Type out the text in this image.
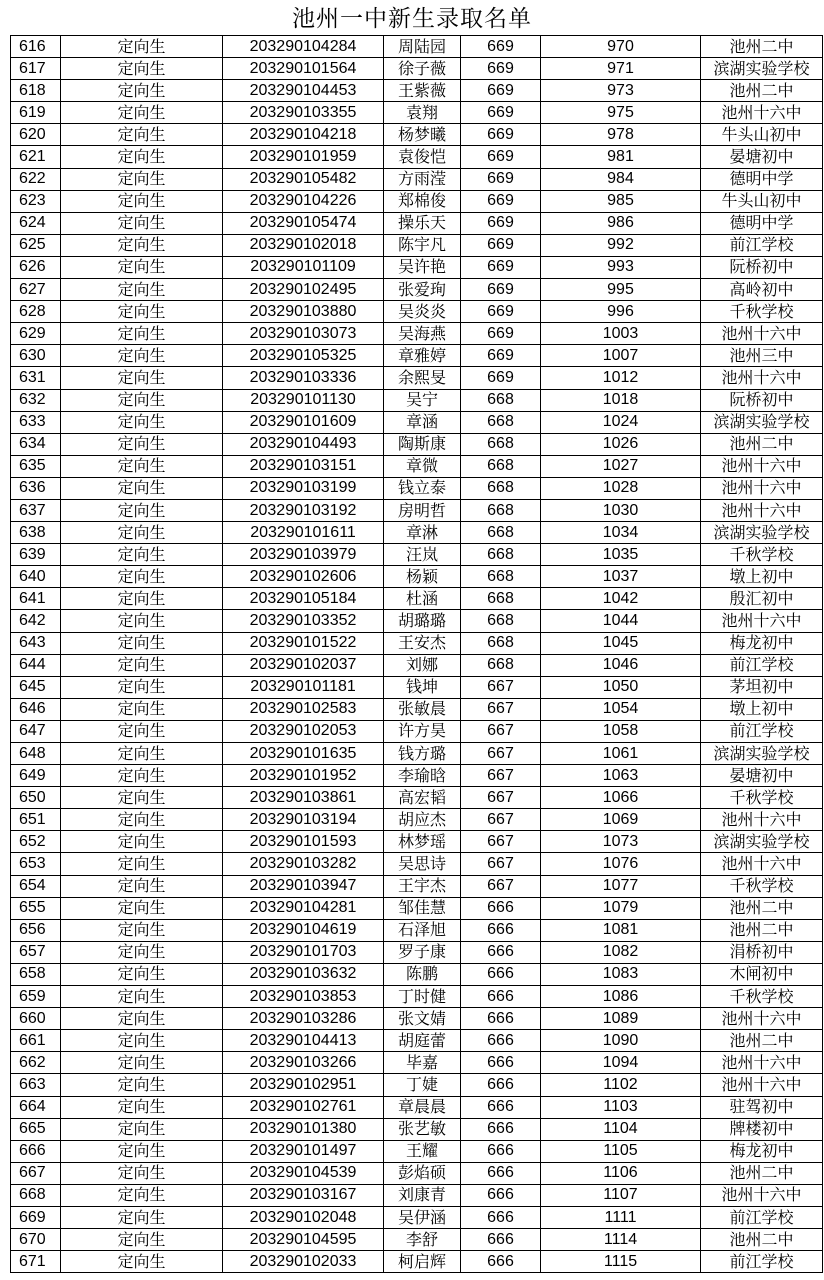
池州一中新生录取名单
616	定向生	203290104284	周陆园	669	970	池州二中
617	定向生	203290101564	徐子薇	669	971	滨湖实验学校
618	定向生	203290104453	王紫薇	669	973	池州二中
619	定向生	203290103355	袁翔	669	975	池州十六中
620	定向生	203290104218	杨梦曦	669	978	牛头山初中
621	定向生	203290101959	袁俊恺	669	981	晏塘初中
622	定向生	203290105482	方雨滢	669	984	德明中学
623	定向生	203290104226	郑棉俊	669	985	牛头山初中
624	定向生	203290105474	操乐天	669	986	德明中学
625	定向生	203290102018	陈宇凡	669	992	前江学校
626	定向生	203290101109	吴许艳	669	993	阮桥初中
627	定向生	203290102495	张爱珣	669	995	高岭初中
628	定向生	203290103880	吴炎炎	669	996	千秋学校
629	定向生	203290103073	吴海燕	669	1003	池州十六中
630	定向生	203290105325	章雅婷	669	1007	池州三中
631	定向生	203290103336	余熙旻	669	1012	池州十六中
632	定向生	203290101130	吴宁	668	1018	阮桥初中
633	定向生	203290101609	章涵	668	1024	滨湖实验学校
634	定向生	203290104493	陶斯康	668	1026	池州二中
635	定向生	203290103151	章微	668	1027	池州十六中
636	定向生	203290103199	钱立泰	668	1028	池州十六中
637	定向生	203290103192	房明哲	668	1030	池州十六中
638	定向生	203290101611	章淋	668	1034	滨湖实验学校
639	定向生	203290103979	汪岚	668	1035	千秋学校
640	定向生	203290102606	杨颖	668	1037	墩上初中
641	定向生	203290105184	杜涵	668	1042	殷汇初中
642	定向生	203290103352	胡璐璐	668	1044	池州十六中
643	定向生	203290101522	王安杰	668	1045	梅龙初中
644	定向生	203290102037	刘娜	668	1046	前江学校
645	定向生	203290101181	钱坤	667	1050	茅坦初中
646	定向生	203290102583	张敏晨	667	1054	墩上初中
647	定向生	203290102053	许方昊	667	1058	前江学校
648	定向生	203290101635	钱方璐	667	1061	滨湖实验学校
649	定向生	203290101952	李瑜晗	667	1063	晏塘初中
650	定向生	203290103861	高宏韬	667	1066	千秋学校
651	定向生	203290103194	胡应杰	667	1069	池州十六中
652	定向生	203290101593	林梦瑶	667	1073	滨湖实验学校
653	定向生	203290103282	吴思诗	667	1076	池州十六中
654	定向生	203290103947	王宇杰	667	1077	千秋学校
655	定向生	203290104281	邹佳慧	666	1079	池州二中
656	定向生	203290104619	石泽旭	666	1081	池州二中
657	定向生	203290101703	罗子康	666	1082	涓桥初中
658	定向生	203290103632	陈鹏	666	1083	木闸初中
659	定向生	203290103853	丁时健	666	1086	千秋学校
660	定向生	203290103286	张文婧	666	1089	池州十六中
661	定向生	203290104413	胡庭蕾	666	1090	池州二中
662	定向生	203290103266	毕嘉	666	1094	池州十六中
663	定向生	203290102951	丁婕	666	1102	池州十六中
664	定向生	203290102761	章晨晨	666	1103	驻驾初中
665	定向生	203290101380	张艺敏	666	1104	牌楼初中
666	定向生	203290101497	王耀	666	1105	梅龙初中
667	定向生	203290104539	彭焰硕	666	1106	池州二中
668	定向生	203290103167	刘康青	666	1107	池州十六中
669	定向生	203290102048	吴伊涵	666	1111	前江学校
670	定向生	203290104595	李舒	666	1114	池州二中
671	定向生	203290102033	柯启辉	666	1115	前江学校
